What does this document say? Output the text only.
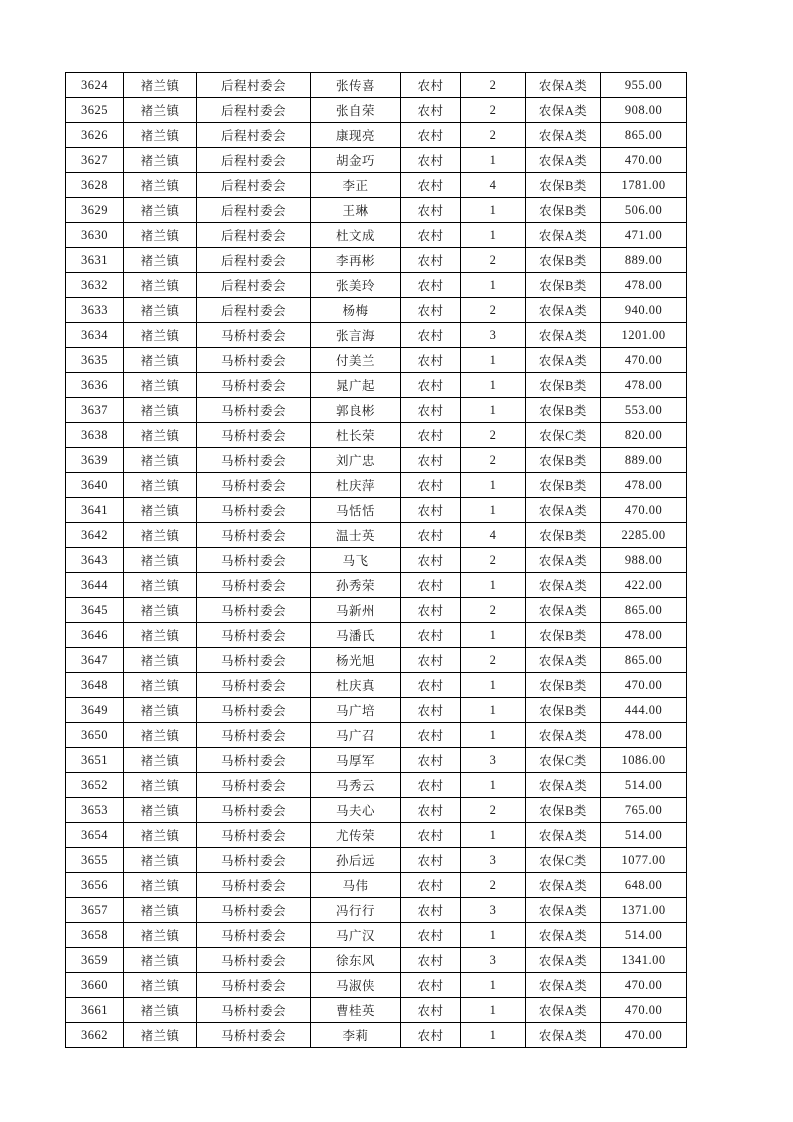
3624	褚兰镇	后程村委会	张传喜	农村	2	农保A类	955.00
3625	褚兰镇	后程村委会	张自荣	农村	2	农保A类	908.00
3626	褚兰镇	后程村委会	康现亮	农村	2	农保A类	865.00
3627	褚兰镇	后程村委会	胡金巧	农村	1	农保A类	470.00
3628	褚兰镇	后程村委会	李正	农村	4	农保B类	1781.00
3629	褚兰镇	后程村委会	王琳	农村	1	农保B类	506.00
3630	褚兰镇	后程村委会	杜文成	农村	1	农保A类	471.00
3631	褚兰镇	后程村委会	李再彬	农村	2	农保B类	889.00
3632	褚兰镇	后程村委会	张美玲	农村	1	农保B类	478.00
3633	褚兰镇	后程村委会	杨梅	农村	2	农保A类	940.00
3634	褚兰镇	马桥村委会	张言海	农村	3	农保A类	1201.00
3635	褚兰镇	马桥村委会	付美兰	农村	1	农保A类	470.00
3636	褚兰镇	马桥村委会	晁广起	农村	1	农保B类	478.00
3637	褚兰镇	马桥村委会	郭良彬	农村	1	农保B类	553.00
3638	褚兰镇	马桥村委会	杜长荣	农村	2	农保C类	820.00
3639	褚兰镇	马桥村委会	刘广忠	农村	2	农保B类	889.00
3640	褚兰镇	马桥村委会	杜庆萍	农村	1	农保B类	478.00
3641	褚兰镇	马桥村委会	马恬恬	农村	1	农保A类	470.00
3642	褚兰镇	马桥村委会	温士英	农村	4	农保B类	2285.00
3643	褚兰镇	马桥村委会	马飞	农村	2	农保A类	988.00
3644	褚兰镇	马桥村委会	孙秀荣	农村	1	农保A类	422.00
3645	褚兰镇	马桥村委会	马新州	农村	2	农保A类	865.00
3646	褚兰镇	马桥村委会	马潘氏	农村	1	农保B类	478.00
3647	褚兰镇	马桥村委会	杨光旭	农村	2	农保A类	865.00
3648	褚兰镇	马桥村委会	杜庆真	农村	1	农保B类	470.00
3649	褚兰镇	马桥村委会	马广培	农村	1	农保B类	444.00
3650	褚兰镇	马桥村委会	马广召	农村	1	农保A类	478.00
3651	褚兰镇	马桥村委会	马厚军	农村	3	农保C类	1086.00
3652	褚兰镇	马桥村委会	马秀云	农村	1	农保A类	514.00
3653	褚兰镇	马桥村委会	马夫心	农村	2	农保B类	765.00
3654	褚兰镇	马桥村委会	尤传荣	农村	1	农保A类	514.00
3655	褚兰镇	马桥村委会	孙后远	农村	3	农保C类	1077.00
3656	褚兰镇	马桥村委会	马伟	农村	2	农保A类	648.00
3657	褚兰镇	马桥村委会	冯行行	农村	3	农保A类	1371.00
3658	褚兰镇	马桥村委会	马广汉	农村	1	农保A类	514.00
3659	褚兰镇	马桥村委会	徐东风	农村	3	农保A类	1341.00
3660	褚兰镇	马桥村委会	马淑侠	农村	1	农保A类	470.00
3661	褚兰镇	马桥村委会	曹桂英	农村	1	农保A类	470.00
3662	褚兰镇	马桥村委会	李莉	农村	1	农保A类	470.00
